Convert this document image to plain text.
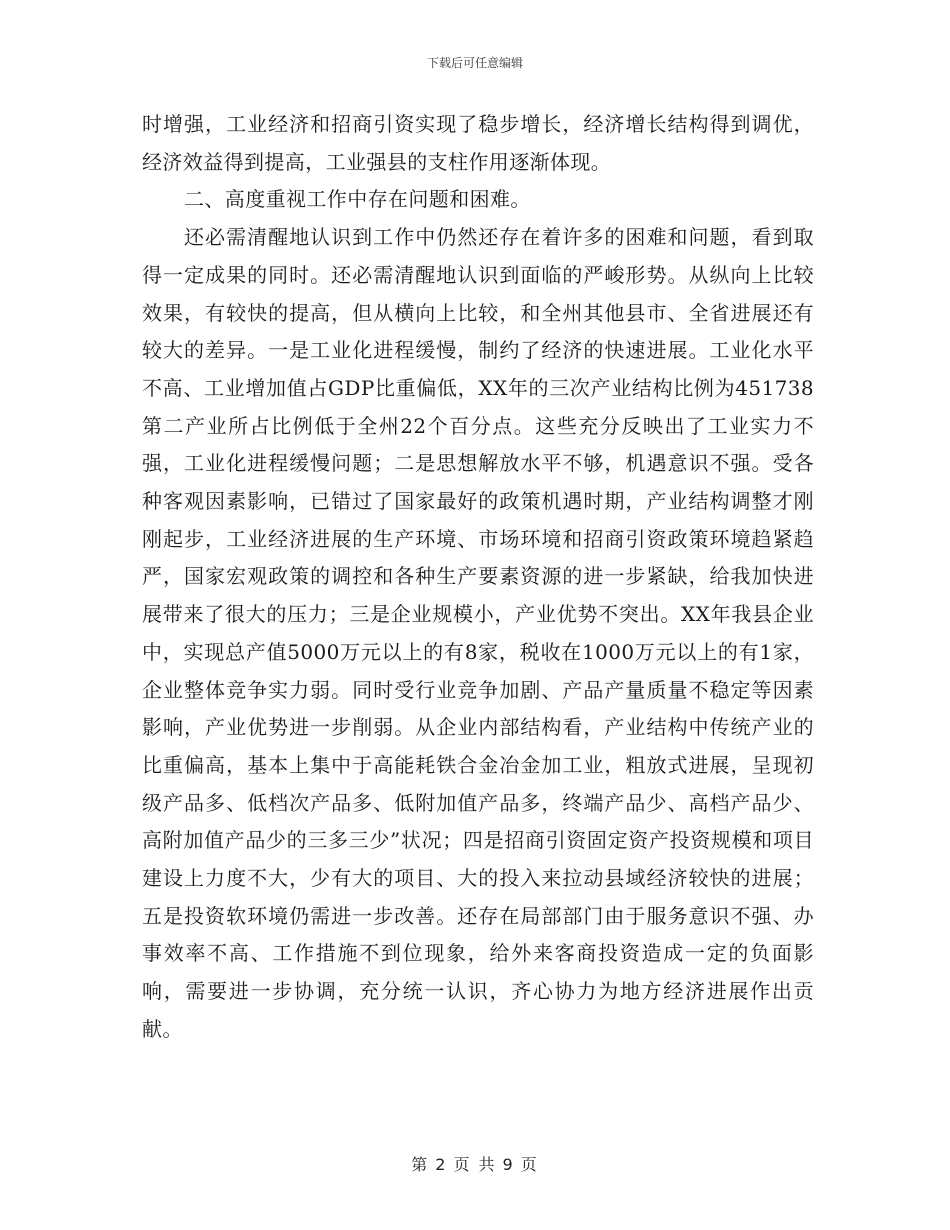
下载后可任意编辑

时增强，工业经济和招商引资实现了稳步增长，经济增长结构得到调优，经济效益得到提高，工业强县的支柱作用逐渐体现。

二、高度重视工作中存在问题和困难。

还必需清醒地认识到工作中仍然还存在着许多的困难和问题，看到取得一定成果的同时。还必需清醒地认识到面临的严峻形势。从纵向上比较效果，有较快的提高，但从横向上比较，和全州其他县市、全省进展还有较大的差异。一是工业化进程缓慢，制约了经济的快速进展。工业化水平不高、工业增加值占GDP比重偏低，XX年的三次产业结构比例为451738第二产业所占比例低于全州22个百分点。这些充分反映出了工业实力不强，工业化进程缓慢问题；二是思想解放水平不够，机遇意识不强。受各种客观因素影响，已错过了国家最好的政策机遇时期，产业结构调整才刚刚起步，工业经济进展的生产环境、市场环境和招商引资政策环境趋紧趋严，国家宏观政策的调控和各种生产要素资源的进一步紧缺，给我加快进展带来了很大的压力；三是企业规模小，产业优势不突出。XX年我县企业中，实现总产值5000万元以上的有8家，税收在1000万元以上的有1家，企业整体竞争实力弱。同时受行业竞争加剧、产品产量质量不稳定等因素影响，产业优势进一步削弱。从企业内部结构看，产业结构中传统产业的比重偏高，基本上集中于高能耗铁合金冶金加工业，粗放式进展，呈现初级产品多、低档次产品多、低附加值产品多，终端产品少、高档产品少、高附加值产品少的三多三少”状况；四是招商引资固定资产投资规模和项目建设上力度不大，少有大的项目、大的投入来拉动县域经济较快的进展；五是投资软环境仍需进一步改善。还存在局部部门由于服务意识不强、办事效率不高、工作措施不到位现象，给外来客商投资造成一定的负面影响，需要进一步协调，充分统一认识，齐心协力为地方经济进展作出贡献。

第 2 页 共 9 页
